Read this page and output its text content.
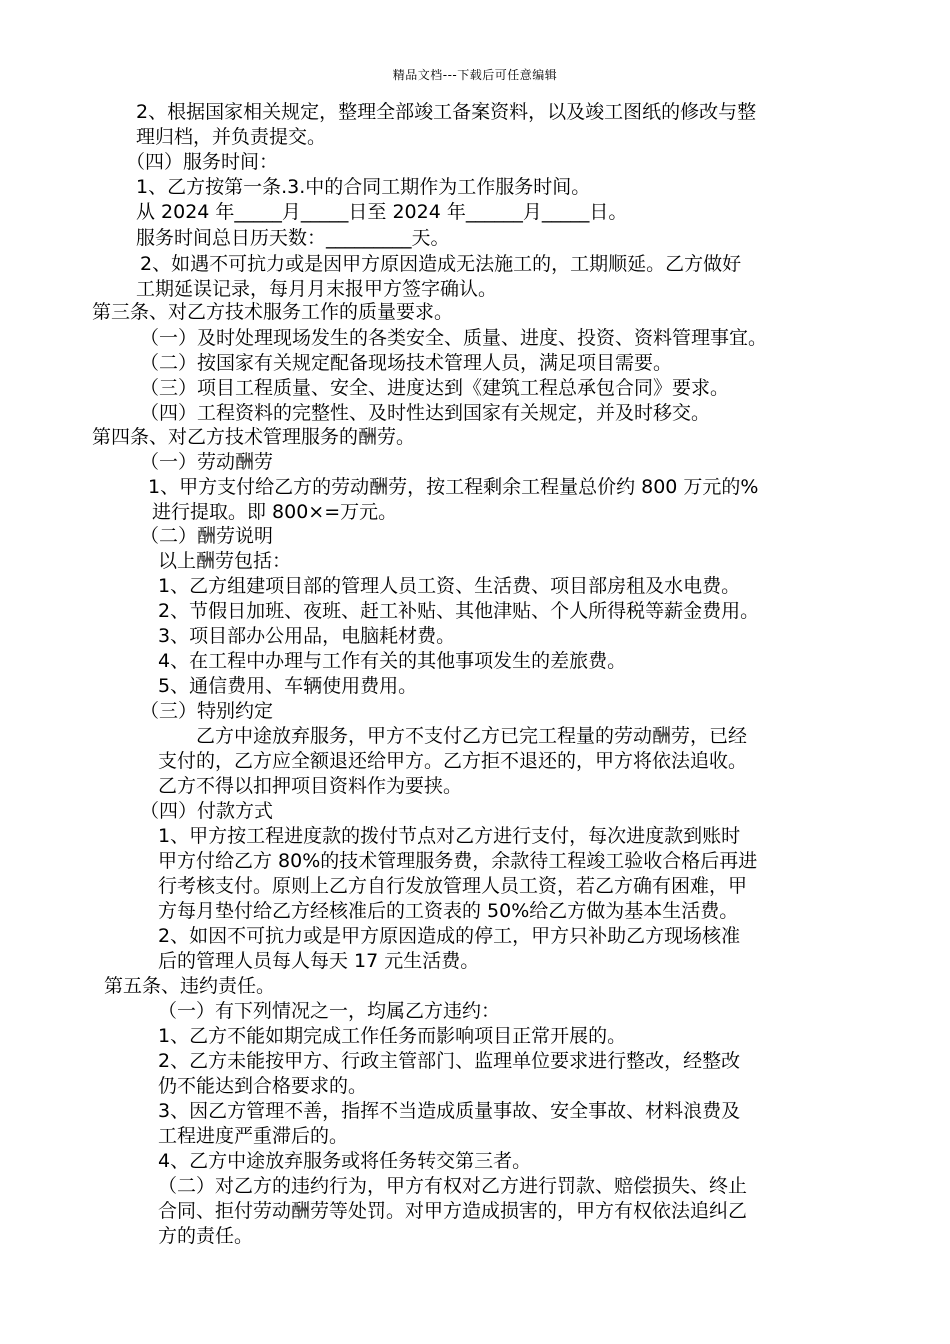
精品文档---下载后可任意编辑
2、根据国家相关规定，整理全部竣工备案资料，以及竣工图纸的修改与整
理归档，并负责提交。
（四）服务时间：
1、乙方按第一条.3.中的合同工期作为工作服务时间。
从 2024 年_____月_____日至 2024 年______月_____日。
服务时间总日历天数：_________天。
2、如遇不可抗力或是因甲方原因造成无法施工的，工期顺延。乙方做好
工期延误记录，每月月末报甲方签字确认。
第三条、对乙方技术服务工作的质量要求。
（一）及时处理现场发生的各类安全、质量、进度、投资、资料管理事宜。
（二）按国家有关规定配备现场技术管理人员，满足项目需要。
（三）项目工程质量、安全、进度达到《建筑工程总承包合同》要求。
（四）工程资料的完整性、及时性达到国家有关规定，并及时移交。
第四条、对乙方技术管理服务的酬劳。
（一）劳动酬劳
1、甲方支付给乙方的劳动酬劳，按工程剩余工程量总价约 800 万元的%
进行提取。即 800×=万元。
（二）酬劳说明
以上酬劳包括：
1、乙方组建项目部的管理人员工资、生活费、项目部房租及水电费。
2、节假日加班、夜班、赶工补贴、其他津贴、个人所得税等薪金费用。
3、项目部办公用品，电脑耗材费。
4、在工程中办理与工作有关的其他事项发生的差旅费。
5、通信费用、车辆使用费用。
（三）特别约定
乙方中途放弃服务，甲方不支付乙方已完工程量的劳动酬劳，已经
支付的，乙方应全额退还给甲方。乙方拒不退还的，甲方将依法追收。
乙方不得以扣押项目资料作为要挟。
（四）付款方式
1、甲方按工程进度款的拨付节点对乙方进行支付，每次进度款到账时
甲方付给乙方 80%的技术管理服务费，余款待工程竣工验收合格后再进
行考核支付。原则上乙方自行发放管理人员工资，若乙方确有困难，甲
方每月垫付给乙方经核准后的工资表的 50%给乙方做为基本生活费。
2、如因不可抗力或是甲方原因造成的停工，甲方只补助乙方现场核准
后的管理人员每人每天 17 元生活费。
第五条、违约责任。
（一）有下列情况之一，均属乙方违约：
1、乙方不能如期完成工作任务而影响项目正常开展的。
2、乙方未能按甲方、行政主管部门、监理单位要求进行整改，经整改
仍不能达到合格要求的。
3、因乙方管理不善，指挥不当造成质量事故、安全事故、材料浪费及
工程进度严重滞后的。
4、乙方中途放弃服务或将任务转交第三者。
（二）对乙方的违约行为，甲方有权对乙方进行罚款、赔偿损失、终止
合同、拒付劳动酬劳等处罚。对甲方造成损害的，甲方有权依法追纠乙
方的责任。
